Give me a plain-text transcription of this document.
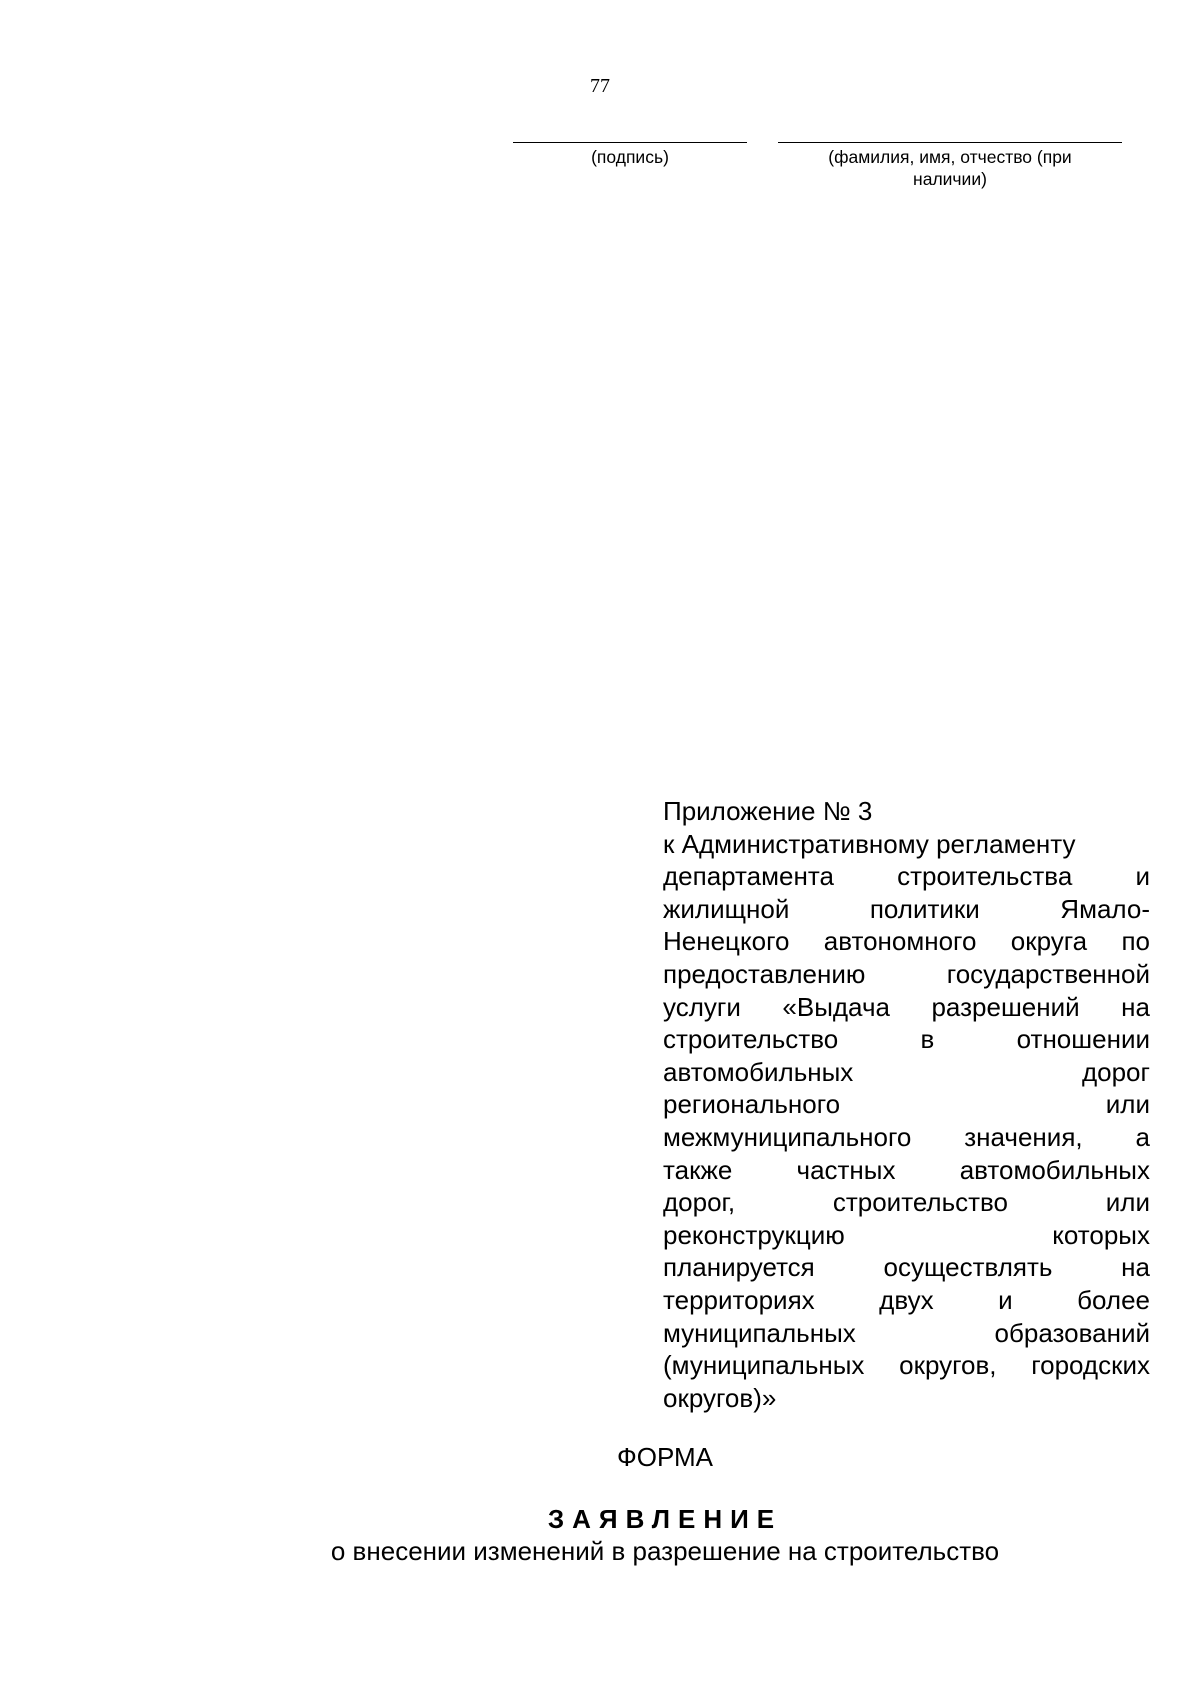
77
(подпись)	(фамилия, имя, отчество (при
наличии)
Приложение № 3
к Административному регламенту
департамента строительства и
жилищной политики Ямало-
Ненецкого автономного округа по
предоставлению государственной
услуги «Выдача разрешений на
строительство в отношении
автомобильных дорог
регионального или
межмуниципального значения, а
также частных автомобильных
дорог, строительство или
реконструкцию которых
планируется осуществлять на
территориях двух и более
муниципальных образований
(муниципальных округов, городских
округов)»
ФОРМА
ЗАЯВЛЕНИЕ
о внесении изменений в разрешение на строительство
